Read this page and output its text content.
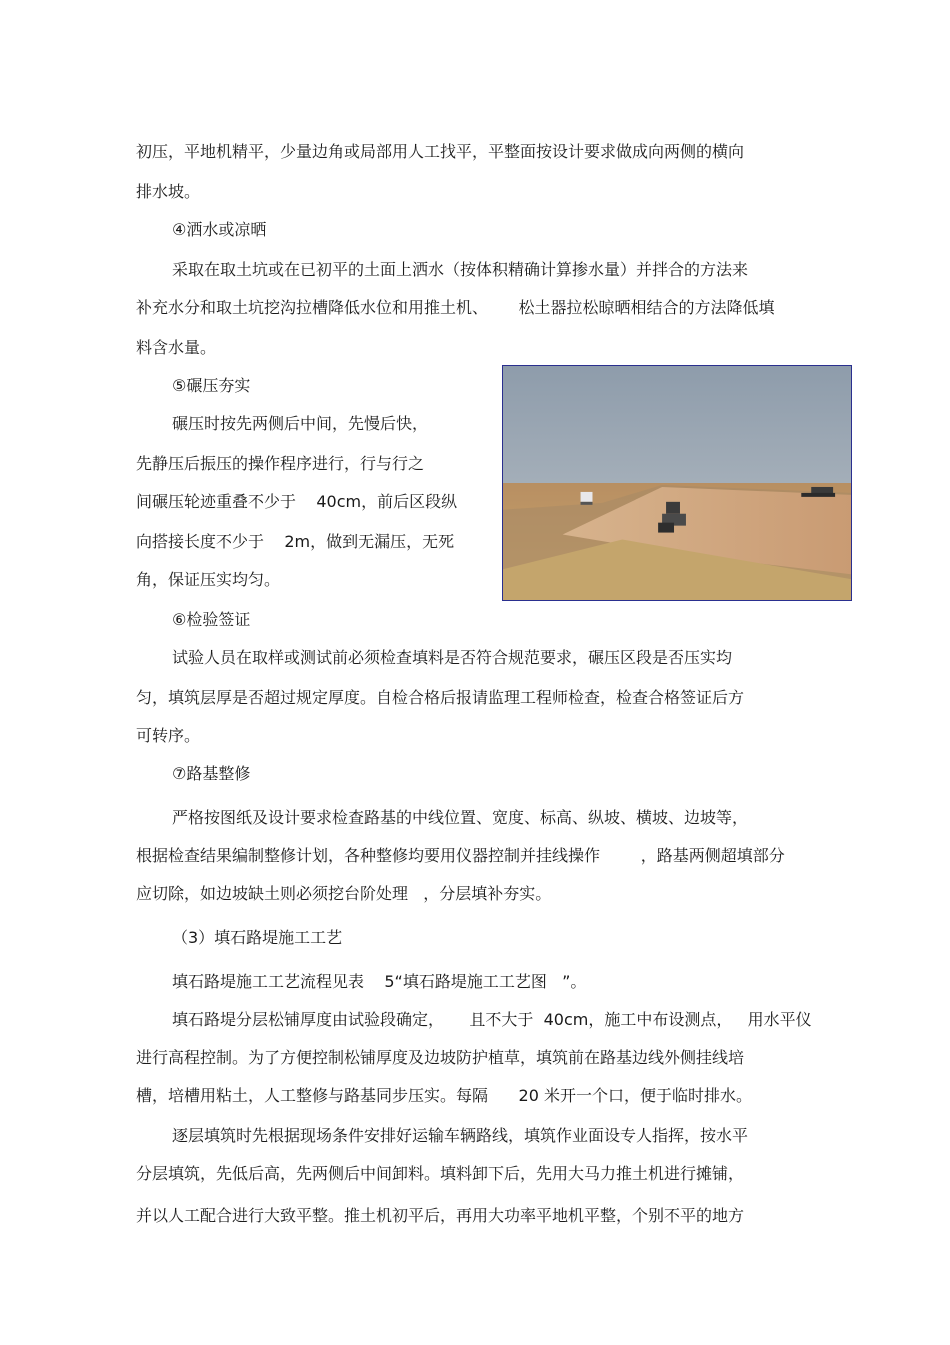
初压，平地机精平，少量边角或局部用人工找平，平整面按设计要求做成向两侧的横向
排水坡。
④洒水或凉晒
采取在取土坑或在已初平的土面上洒水（按体积精确计算掺水量）并拌合的方法来
补充水分和取土坑挖沟拉槽降低水位和用推土机、      松土器拉松晾晒相结合的方法降低填
料含水量。
⑤碾压夯实
碾压时按先两侧后中间，先慢后快，
先静压后振压的操作程序进行，行与行之
间碾压轮迹重叠不少于    40cm，前后区段纵
向搭接长度不少于    2m，做到无漏压，无死
角，保证压实均匀。
⑥检验签证
试验人员在取样或测试前必须检查填料是否符合规范要求，碾压区段是否压实均
匀，填筑层厚是否超过规定厚度。自检合格后报请监理工程师检查，检查合格签证后方
可转序。
⑦路基整修
严格按图纸及设计要求检查路基的中线位置、宽度、标高、纵坡、横坡、边坡等，
根据检查结果编制整修计划，各种整修均要用仪器控制并挂线操作        ，路基两侧超填部分
应切除，如边坡缺土则必须挖台阶处理   ，分层填补夯实。
（3）填石路堤施工工艺
填石路堤施工工艺流程见表    5“填石路堤施工工艺图   ”。
填石路堤分层松铺厚度由试验段确定，     且不大于  40cm，施工中布设测点，   用水平仪
进行高程控制。为了方便控制松铺厚度及边坡防护植草，填筑前在路基边线外侧挂线培
槽，培槽用粘土，人工整修与路基同步压实。每隔      20 米开一个口，便于临时排水。
逐层填筑时先根据现场条件安排好运输车辆路线，填筑作业面设专人指挥，按水平
分层填筑，先低后高，先两侧后中间卸料。填料卸下后，先用大马力推土机进行摊铺，
并以人工配合进行大致平整。推土机初平后，再用大功率平地机平整，个别不平的地方
